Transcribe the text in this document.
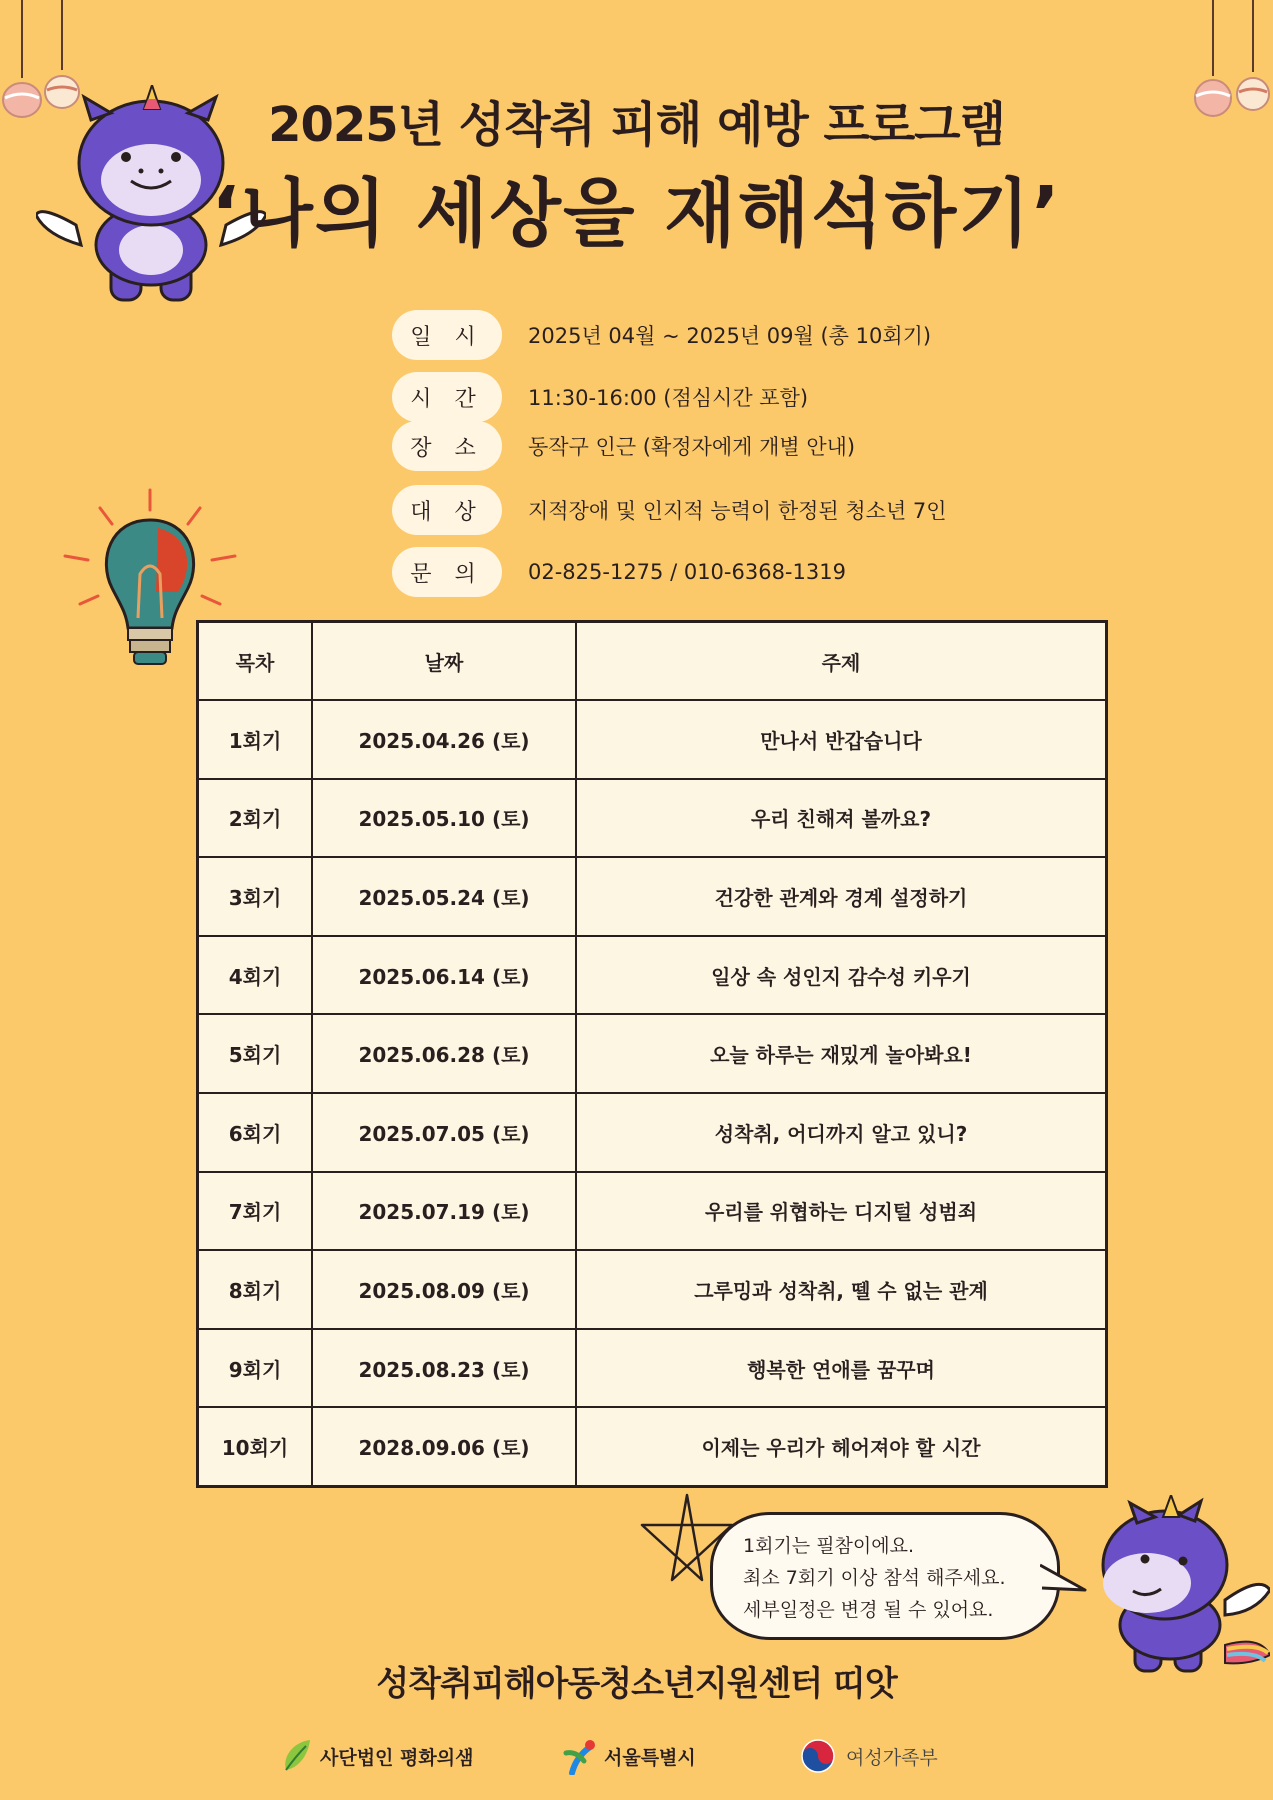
2025년 성착취 피해 예방 프로그램
‘나의 세상을 재해석하기’
일 시	2025년 04월 ~ 2025년 09월 (총 10회기)
시 간	11:30-16:00 (점심시간 포함)
장 소	동작구 인근 (확정자에게 개별 안내)
대 상	지적장애 및 인지적 능력이 한정된 청소년 7인
문 의	02-825-1275 / 010-6368-1319
목차	날짜	주제
1회기	2025.04.26 (토)	만나서 반갑습니다
2회기	2025.05.10 (토)	우리 친해져 볼까요?
3회기	2025.05.24 (토)	건강한 관계와 경계 설정하기
4회기	2025.06.14 (토)	일상 속 성인지 감수성 키우기
5회기	2025.06.28 (토)	오늘 하루는 재밌게 놀아봐요!
6회기	2025.07.05 (토)	성착취, 어디까지 알고 있니?
7회기	2025.07.19 (토)	우리를 위협하는 디지털 성범죄
8회기	2025.08.09 (토)	그루밍과 성착취, 뗄 수 없는 관계
9회기	2025.08.23 (토)	행복한 연애를 꿈꾸며
10회기	2028.09.06 (토)	이제는 우리가 헤어져야 할 시간
1회기는 필참이에요.
최소 7회기 이상 참석 해주세요.
세부일정은 변경 될 수 있어요.
성착취피해아동청소년지원센터 띠앗
사단법인 평화의샘	서울특별시	여성가족부
